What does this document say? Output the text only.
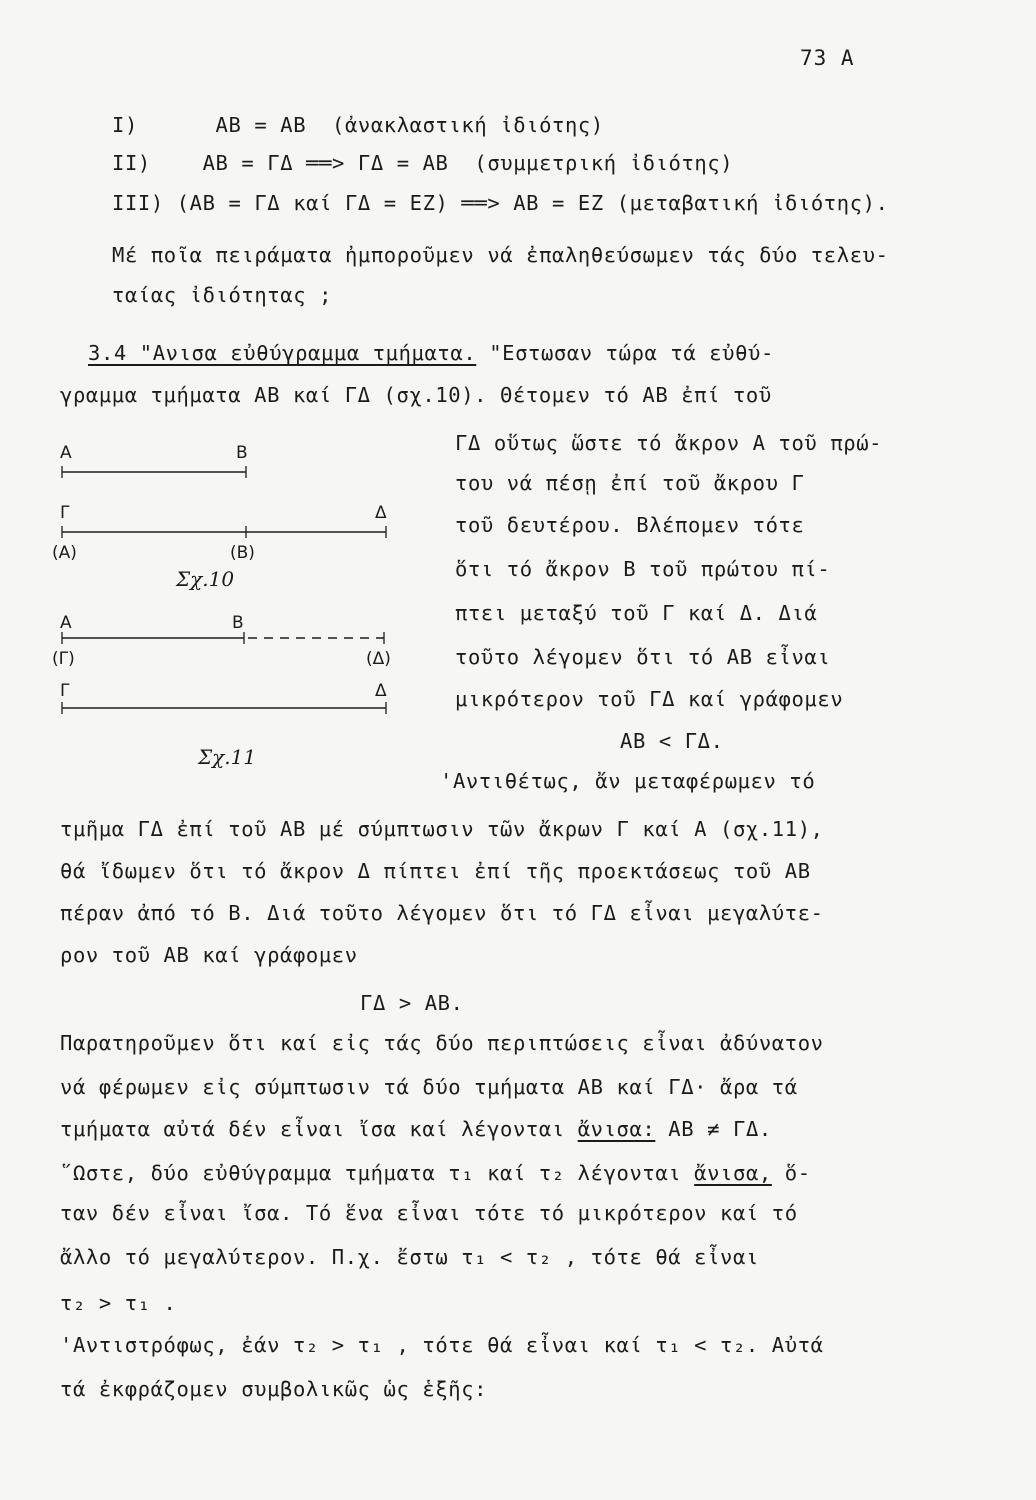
73 A
I)      AB = AB  (ἀνακλαστική ἰδιότης)
II)    AB = ΓΔ ══> ΓΔ = AB  (συμμετρική ἰδιότης)
III) (AB = ΓΔ καί ΓΔ = EZ) ══> AB = EZ (μεταβατική ἰδιότης).
Μέ ποῖα πειράματα ἠμποροῦμεν νά ἐπαληθεύσωμεν τάς δύο τελευ-
ταίας ἰδιότητας ;
3.4 "Ανισα εὐθύγραμμα τμήματα. "Εστωσαν τώρα τά εὐθύ-
γραμμα τμήματα AB καί ΓΔ (σχ.10). Θέτομεν τό AB ἐπί τοῦ
Α	Β
Γ	Δ
(Α)	(Β)
Σχ.10
Α	Β
(Γ)	(Δ)
Γ	Δ
Σχ.11
ΓΔ οὕτως ὥστε τό ἄκρον Α τοῦ πρώ-
του νά πέσῃ ἐπί τοῦ ἄκρου Γ
τοῦ δευτέρου. Βλέπομεν τότε
ὅτι τό ἄκρον Β τοῦ πρώτου πί-
πτει μεταξύ τοῦ Γ καί Δ. Διά
τοῦτο λέγομεν ὅτι τό AB εἶναι
μικρότερον τοῦ ΓΔ καί γράφομεν
AB < ΓΔ.
'Αντιθέτως, ἄν μεταφέρωμεν τό
τμῆμα ΓΔ ἐπί τοῦ AB μέ σύμπτωσιν τῶν ἄκρων Γ καί Α (σχ.11),
θά ἴδωμεν ὅτι τό ἄκρον Δ πίπτει ἐπί τῆς προεκτάσεως τοῦ AB
πέραν ἀπό τό Β. Διά τοῦτο λέγομεν ὅτι τό ΓΔ εἶναι μεγαλύτε-
ρον τοῦ AB καί γράφομεν
ΓΔ > AB.
Παρατηροῦμεν ὅτι καί εἰς τάς δύο περιπτώσεις εἶναι ἀδύνατον
νά φέρωμεν εἰς σύμπτωσιν τά δύο τμήματα AB καί ΓΔ· ἄρα τά
τμήματα αὐτά δέν εἶναι ἴσα καί λέγονται ἄνισα: AB ≠ ΓΔ.
῞Ωστε, δύο εὐθύγραμμα τμήματα τ₁ καί τ₂ λέγονται ἄνισα, ὅ-
ταν δέν εἶναι ἴσα. Τό ἕνα εἶναι τότε τό μικρότερον καί τό
ἄλλο τό μεγαλύτερον. Π.χ. ἔστω τ₁ < τ₂ , τότε θά εἶναι
τ₂ > τ₁ .
'Αντιστρόφως, ἐάν τ₂ > τ₁ , τότε θά εἶναι καί τ₁ < τ₂. Αὐτά
τά ἐκφράζομεν συμβολικῶς ὡς ἑξῆς:
